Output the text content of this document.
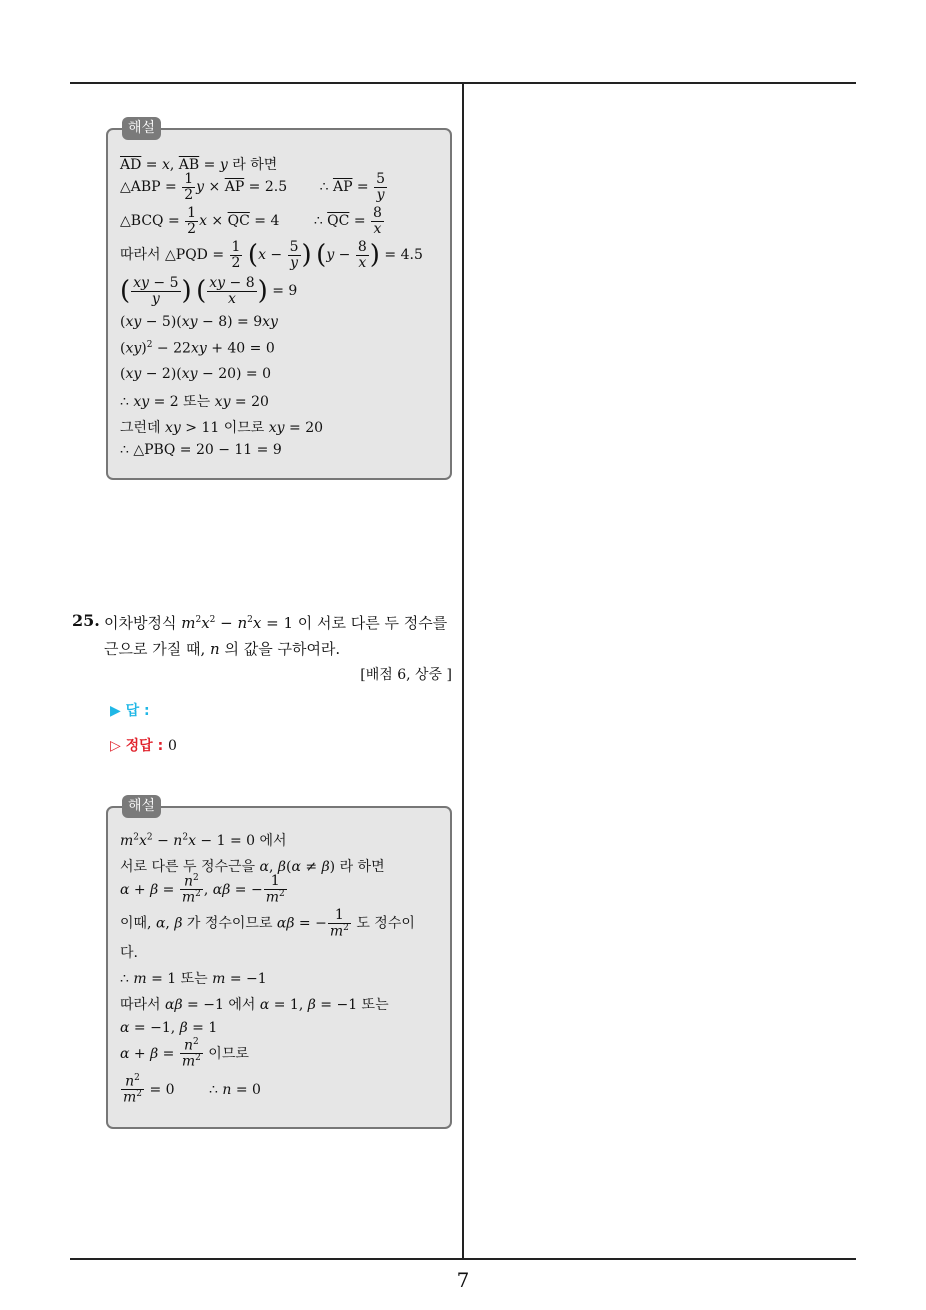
해설
$\overline{AD} = x$, $\overline{AB} = y$ 라 하면
△ABP = $\frac{1}{2}$ $y \times \overline{AP} = 2.5$ ∴ $\overline{AP} = \frac{5}{y}$
△BCQ = $\frac{1}{2}$ $x \times \overline{QC} = 4$ ∴ $\overline{QC} = \frac{8}{x}$
따라서 △PQD = $\frac{1}{2} (x - \frac{5}{y}$ ) ($y - \frac{8}{x}$ ) = 4.5
( $\frac{xy - 5}{y}$ ) ( $\frac{xy - 8}{x}$ ) = 9
(xy − 5)(xy − 8) = 9xy
(xy)$^2$ − 22xy + 40 = 0
(xy − 2)(xy − 20) = 0
∴ xy = 2 또는 xy = 20
그런데 xy > 11 이므로 xy = 20
∴ △PBQ = 20 − 11 = 9
25. 이차방정식 $m^2x^2 - n^2x = 1$ 이 서로 다른 두 정수를
근으로 가질 때, n 의 값을 구하여라.
[배점 6, 상중 ]
▶ 답 :
▷ 정답 : 0
해설
$m^2x^2 - n^2x - 1 = 0$ 에서
서로 다른 두 정수근을 α, β(α ≠ β) 라 하면
$\alpha + \beta = \frac{n^2}{m^2}$ , αβ = − $\frac{1}{m^2}$
이때, α, β 가 정수이므로 αβ = − $\frac{1}{m^2}$ 도 정수이
다.
∴ m = 1 또는 m = −1
따라서 αβ = −1 에서 α = 1, β = −1 또는
α = −1, β = 1
$\alpha + \beta = \frac{n^2}{m^2}$ 이므로
$\frac{n^2}{m^2} = 0$ ∴ n = 0
7
